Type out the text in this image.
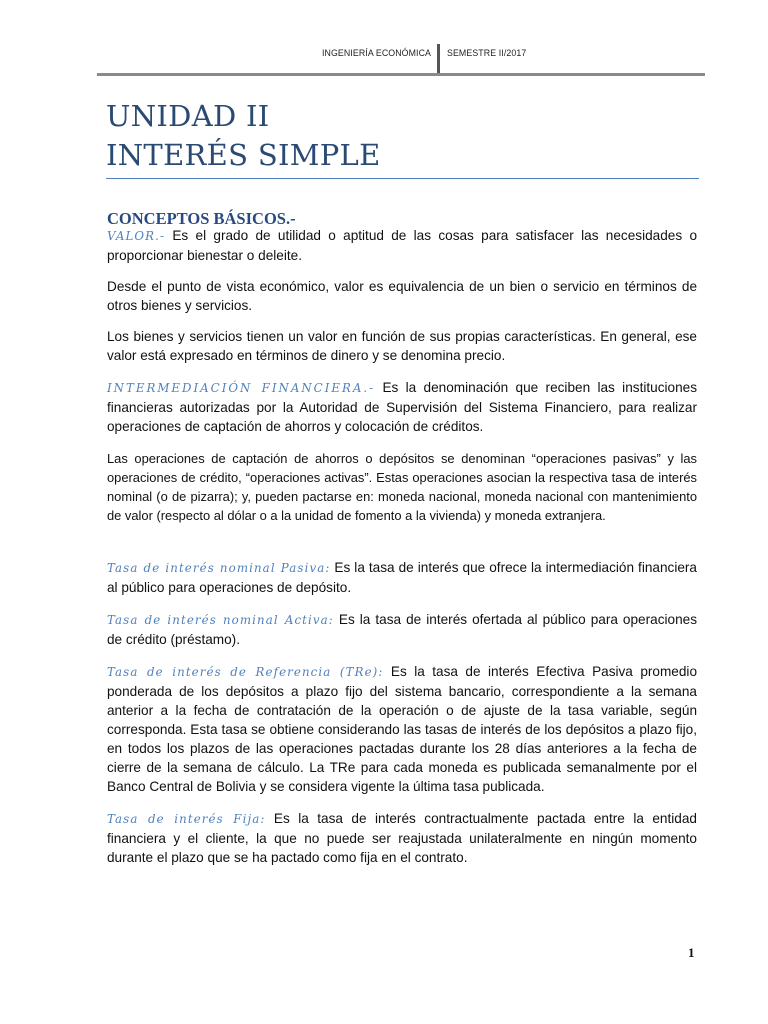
INGENIERÍA ECONÓMICA SEMESTRE II/2017
UNIDAD II
INTERÉS SIMPLE
CONCEPTOS BÁSICOS.-

VALOR.- Es el grado de utilidad o aptitud de las cosas para satisfacer las necesidades o proporcionar bienestar o deleite.

Desde el punto de vista económico, valor es equivalencia de un bien o servicio en términos de otros bienes y servicios.

Los bienes y servicios tienen un valor en función de sus propias características. En general, ese valor está expresado en términos de dinero y se denomina precio.

INTERMEDIACIÓN FINANCIERA.- Es la denominación que reciben las instituciones financieras autorizadas por la Autoridad de Supervisión del Sistema Financiero, para realizar operaciones de captación de ahorros y colocación de créditos.

Las operaciones de captación de ahorros o depósitos se denominan “operaciones pasivas” y las operaciones de crédito, “operaciones activas”. Estas operaciones asocian la respectiva tasa de interés nominal (o de pizarra); y, pueden pactarse en: moneda nacional, moneda nacional con mantenimiento de valor (respecto al dólar o a la unidad de fomento a la vivienda) y moneda extranjera.

Tasa de interés nominal Pasiva: Es la tasa de interés que ofrece la intermediación financiera al público para operaciones de depósito.

Tasa de interés nominal Activa: Es la tasa de interés ofertada al público para operaciones de crédito (préstamo).

Tasa de interés de Referencia (TRe): Es la tasa de interés Efectiva Pasiva promedio ponderada de los depósitos a plazo fijo del sistema bancario, correspondiente a la semana anterior a la fecha de contratación de la operación o de ajuste de la tasa variable, según corresponda. Esta tasa se obtiene considerando las tasas de interés de los depósitos a plazo fijo, en todos los plazos de las operaciones pactadas durante los 28 días anteriores a la fecha de cierre de la semana de cálculo. La TRe para cada moneda es publicada semanalmente por el Banco Central de Bolivia y se considera vigente la última tasa publicada.

Tasa de interés Fija: Es la tasa de interés contractualmente pactada entre la entidad financiera y el cliente, la que no puede ser reajustada unilateralmente en ningún momento durante el plazo que se ha pactado como fija en el contrato.

1
